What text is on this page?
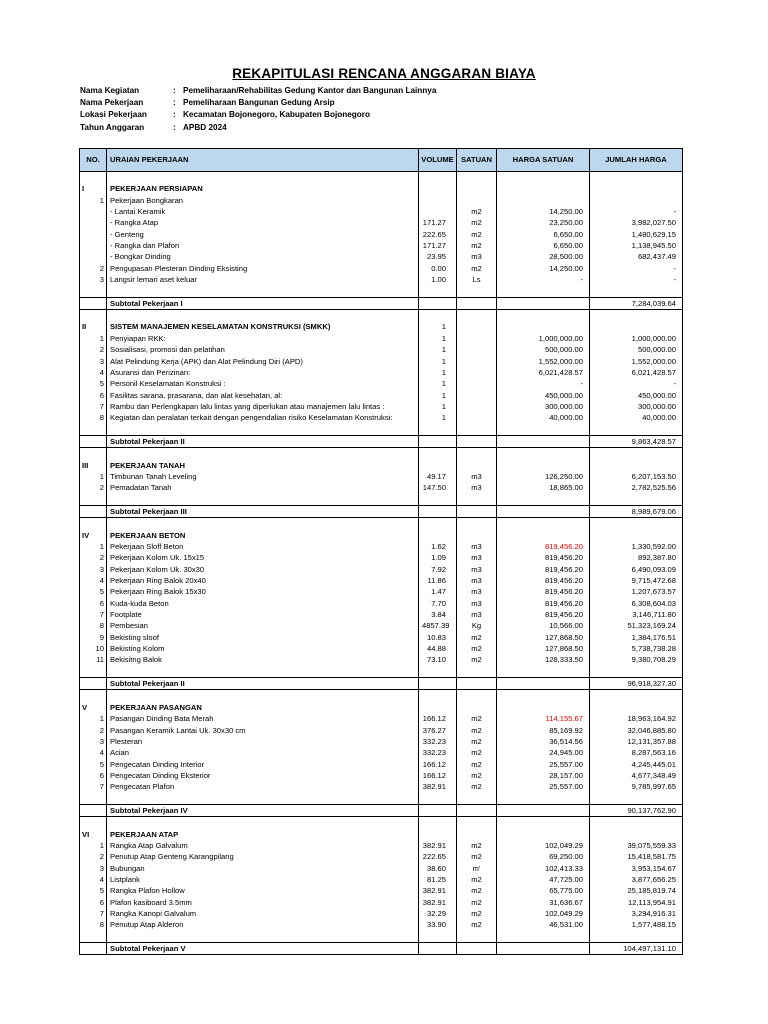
REKAPITULASI RENCANA ANGGARAN BIAYA
Nama Kegiatan	: Pemeliharaan/Rehabilitas Gedung Kantor dan Bangunan Lainnya
Nama Pekerjaan	: Pemeliharaan Bangunan Gedung Arsip
Lokasi Pekerjaan	: Kecamatan Bojonegoro, Kabupaten Bojonegoro
Tahun Anggaran	: APBD 2024
NO.	URAIAN PEKERJAAN	VOLUME	SATUAN	HARGA SATUAN	JUMLAH HARGA

I	PEKERJAAN PERSIAPAN				
1	Pekerjaan Bongkaran				
	- Lantai Keramik		m2	14,250.00	-
	- Rangka Atap	171.27	m2	23,250.00	3,982,027.50
	- Genteng	222.65	m2	6,650.00	1,480,629.15
	- Rangka dan Plafon	171.27	m2	6,650.00	1,138,945.50
	- Bongkar Dinding	23.95	m3	28,500.00	682,437.49
2	Pengupasan Plesteran Dinding Eksisting	0.00	m2	14,250.00	-
3	Langsir lemari aset keluar	1.00	Ls	-	-

	Subtotal Pekerjaan I				7,284,039.64

II	SISTEM MANAJEMEN KESELAMATAN KONSTRUKSI (SMKK)	1			
1	Penyiapan RKK:	1		1,000,000.00	1,000,000.00
2	Sosialisasi, promosi dan pelatihan	1		500,000.00	500,000.00
3	Alat Pelindung Kerja (APK) dan Alat Pelindung Diri (APD)	1		1,552,000.00	1,552,000.00
4	Asuransi dan Perizinan:	1		6,021,428.57	6,021,428.57
5	Personil Keselamatan Konstruksi :	1		-	-
6	Fasilitas sarana, prasarana, dan alat kesehatan, al:	1		450,000.00	450,000.00
7	Rambu dan Perlengkapan lalu lintas yang diperlukan atau manajemen lalu lintas :	1		300,000.00	300,000.00
8	Kegiatan dan peralatan terkait dengan pengendalian risiko Keselamatan Konstruksi:	1		40,000.00	40,000.00

	Subtotal Pekerjaan II				9,863,428.57

III	PEKERJAAN TANAH				
1	Timbunan Tanah Leveling	49.17	m3	126,250.00	6,207,153.50
2	Pemadatan Tanah	147.50	m3	18,865.00	2,782,525.56

	Subtotal Pekerjaan III				8,989,679.06

IV	PEKERJAAN BETON				
1	Pekerjaan Sloff Beton	1.62	m3	819,456.20	1,330,592.00
2	Pekerjaan Kolom Uk. 15x15	1.09	m3	819,456.20	892,387.80
3	Pekerjaan Kolom Uk. 30x30	7.92	m3	819,456.20	6,490,093.09
4	Pekerjaan Ring Balok 20x40	11.86	m3	819,456.20	9,715,472.68
5	Pekerjaan Ring Balok 15x30	1.47	m3	819,456.20	1,207,673.57
6	Kuda-kuda Beton	7.70	m3	819,456.20	6,308,604.03
7	Footplate	3.84	m3	819,456.20	3,146,711.80
8	Pembesian	4857.39	Kg	10,566.00	51,323,169.24
9	Bekisting sloof	10.83	m2	127,868.50	1,384,176.51
10	Bekisting Kolom	44.88	m2	127,868.50	5,738,738.28
11	Bekisitng Balok	73.10	m2	128,333.50	9,380,708.29

	Subtotal Pekerjaan II				96,918,327.30

V	PEKERJAAN PASANGAN				
1	Pasangan Dinding Bata Merah	166.12	m2	114,155.67	18,963,164.92
2	Pasangan Keramik Lantai Uk. 30x30 cm	376.27	m2	85,169.92	32,046,885.80
3	Plesteran	332.23	m2	36,514.56	12,131,357.88
4	Acian	332.23	m2	24,945.00	8,287,563.16
5	Pengecatan Dinding Interior	166.12	m2	25,557.00	4,245,445.01
6	Pengecatan Dinding Eksterior	166.12	m2	28,157.00	4,677,348.49
7	Pengecatan Plafon	382.91	m2	25,557.00	9,785,997.65

	Subtotal Pekerjaan IV				90,137,762.90

VI	PEKERJAAN ATAP				
1	Rangka Atap Galvalum	382.91	m2	102,049.29	39,075,559.33
2	Penutup Atap Genteng Karangpilang	222.65	m2	69,250.00	15,418,581.75
3	Bubungan	38.60	m'	102,413.33	3,953,154.67
4	Listplank	81.25	m2	47,725.00	3,877,656.25
5	Rangka Plafon Hollow	382.91	m2	65,775.00	25,185,819.74
6	Plafon kasiboard 3.5mm	382.91	m2	31,636.67	12,113,954.91
7	Rangka Kanopi Galvalum	32.29	m2	102,049.29	3,294,916.31
8	Penutup Atap Alderon	33.90	m2	46,531.00	1,577,488.15

	Subtotal Pekerjaan V				104,497,131.10
